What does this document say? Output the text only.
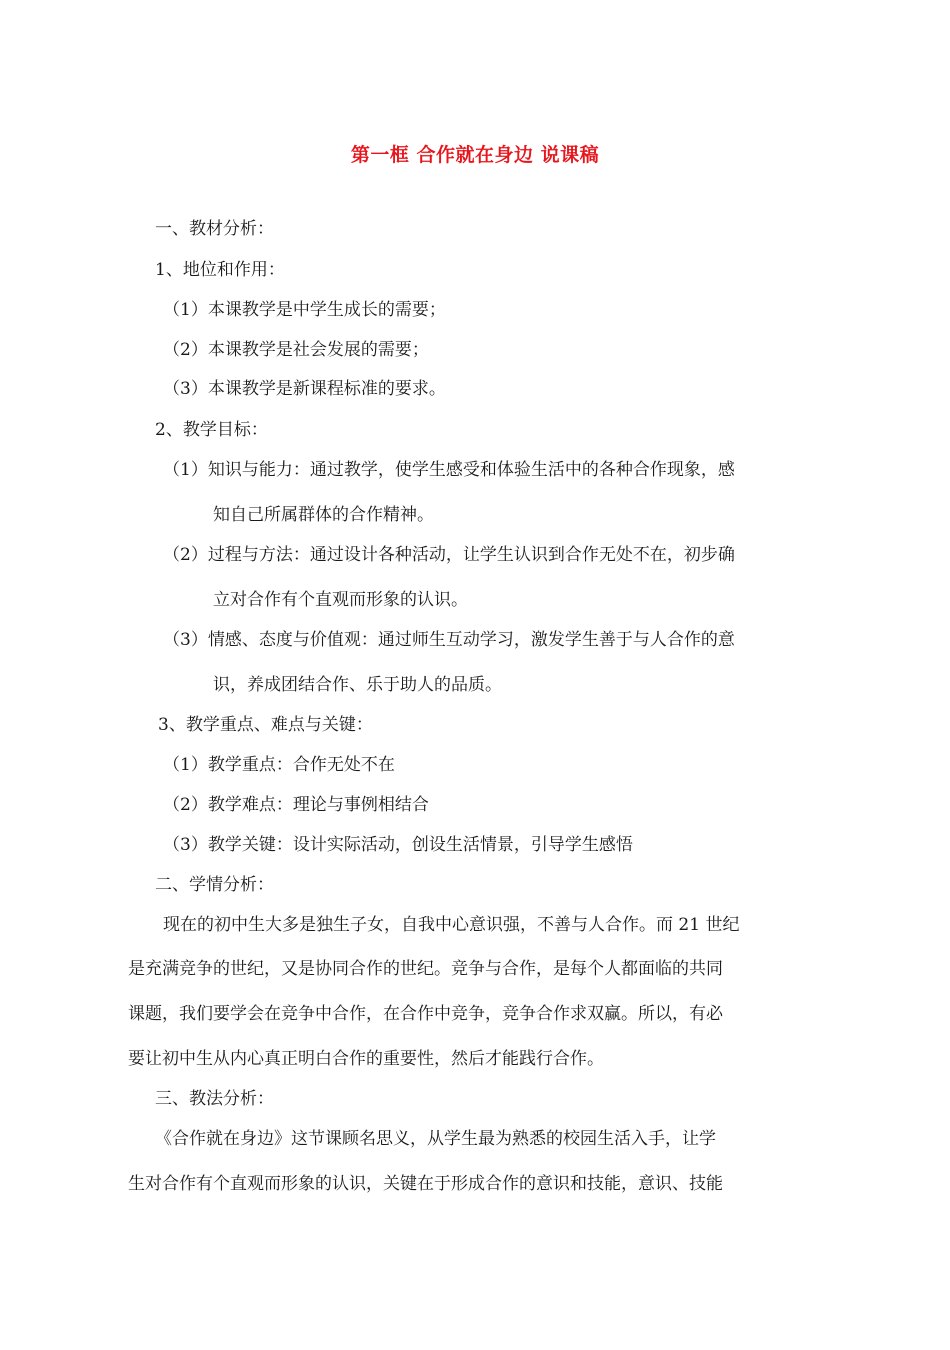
第一框 合作就在身边 说课稿
一、教材分析：
1、地位和作用：
（1）本课教学是中学生成长的需要；
（2）本课教学是社会发展的需要；
（3）本课教学是新课程标准的要求。
2、教学目标：
（1）知识与能力：通过教学，使学生感受和体验生活中的各种合作现象，感
知自己所属群体的合作精神。
（2）过程与方法：通过设计各种活动，让学生认识到合作无处不在，初步确
立对合作有个直观而形象的认识。
（3）情感、态度与价值观：通过师生互动学习，激发学生善于与人合作的意
识，养成团结合作、乐于助人的品质。
3、教学重点、难点与关键：
（1）教学重点：合作无处不在
（2）教学难点：理论与事例相结合
（3）教学关键：设计实际活动，创设生活情景，引导学生感悟
二、学情分析：
现在的初中生大多是独生子女，自我中心意识强，不善与人合作。而 21 世纪
是充满竞争的世纪，又是协同合作的世纪。竞争与合作，是每个人都面临的共同
课题，我们要学会在竞争中合作，在合作中竞争，竞争合作求双赢。所以，有必
要让初中生从内心真正明白合作的重要性，然后才能践行合作。
三、教法分析：
《合作就在身边》这节课顾名思义，从学生最为熟悉的校园生活入手，让学
生对合作有个直观而形象的认识，关键在于形成合作的意识和技能，意识、技能
